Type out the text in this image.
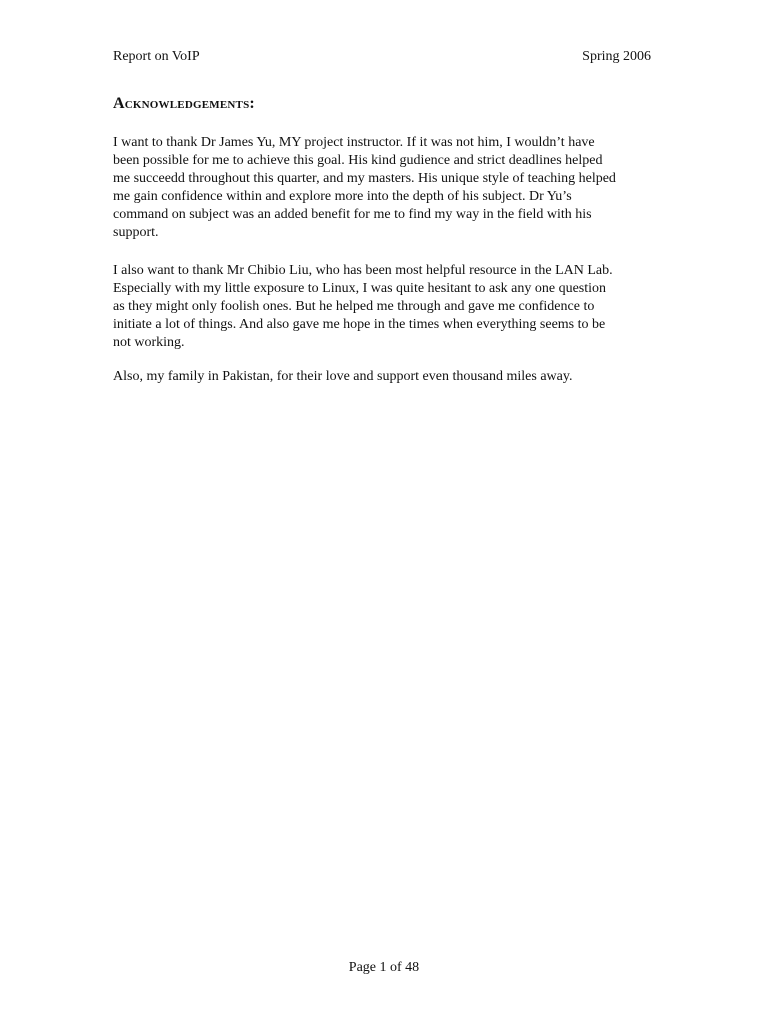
Report on VoIP	Spring 2006
Acknowledgements:
I want to thank Dr James Yu, MY project instructor. If it was not him, I wouldn’t have
been possible for me to achieve this goal. His kind gudience and strict deadlines helped
me succeedd throughout this quarter, and my masters. His unique style of teaching helped
me gain confidence within and explore more into the depth of his subject. Dr Yu’s
command on subject was an added benefit for me to find my way in the field with his
support.
I also want to thank Mr Chibio Liu, who has been most helpful resource in the LAN Lab.
Especially with my little exposure to Linux, I was quite hesitant to ask any one question
as they might only foolish ones. But he helped me through and gave me confidence to
initiate a lot of things. And also gave me hope in the times when everything seems to be
not working.
Also, my family in Pakistan, for their love and support even thousand miles away.
Page 1 of 48
